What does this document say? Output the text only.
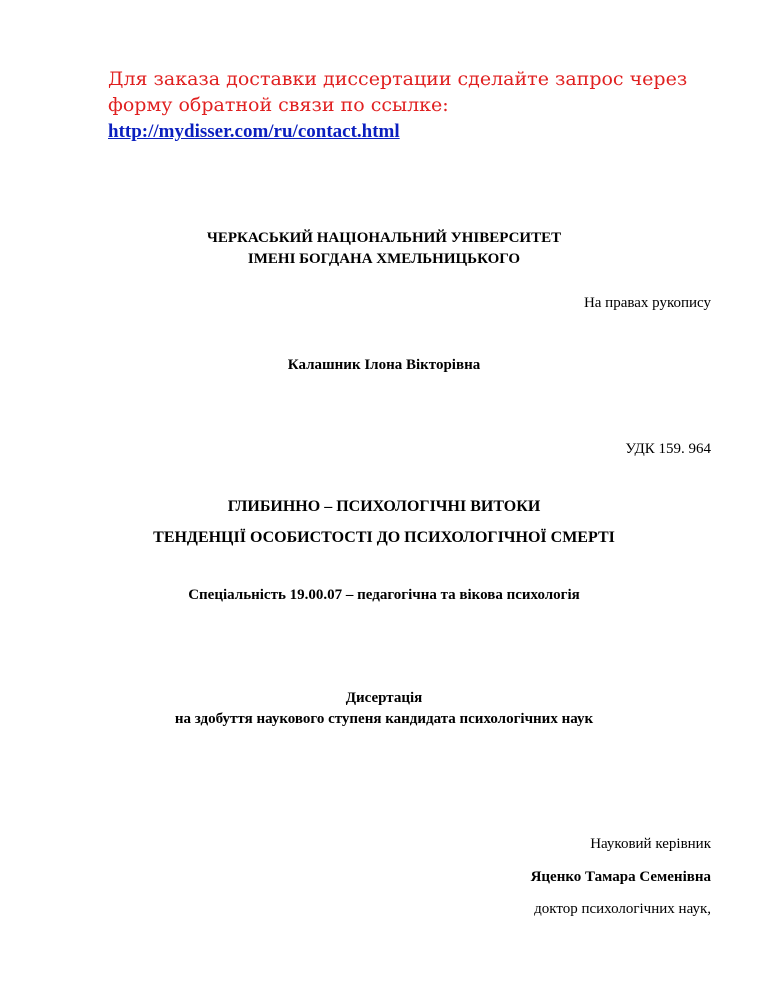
Для заказа доставки диссертации сделайте запрос через
форму обратной связи по ссылке:
http://mydisser.com/ru/contact.html
ЧЕРКАСЬКИЙ НАЦІОНАЛЬНИЙ УНІВЕРСИТЕТ
ІМЕНІ БОГДАНА ХМЕЛЬНИЦЬКОГО
На правах рукопису
Калашник Ілона Вікторівна
УДК 159. 964
ГЛИБИННО – ПСИХОЛОГІЧНІ ВИТОКИ
ТЕНДЕНЦІЇ ОСОБИСТОСТІ ДО ПСИХОЛОГІЧНОЇ СМЕРТІ
Спеціальність 19.00.07 – педагогічна та вікова психологія
Дисертація
на здобуття наукового ступеня кандидата психологічних наук
Науковий керівник
Яценко Тамара Семенівна
доктор психологічних наук,
